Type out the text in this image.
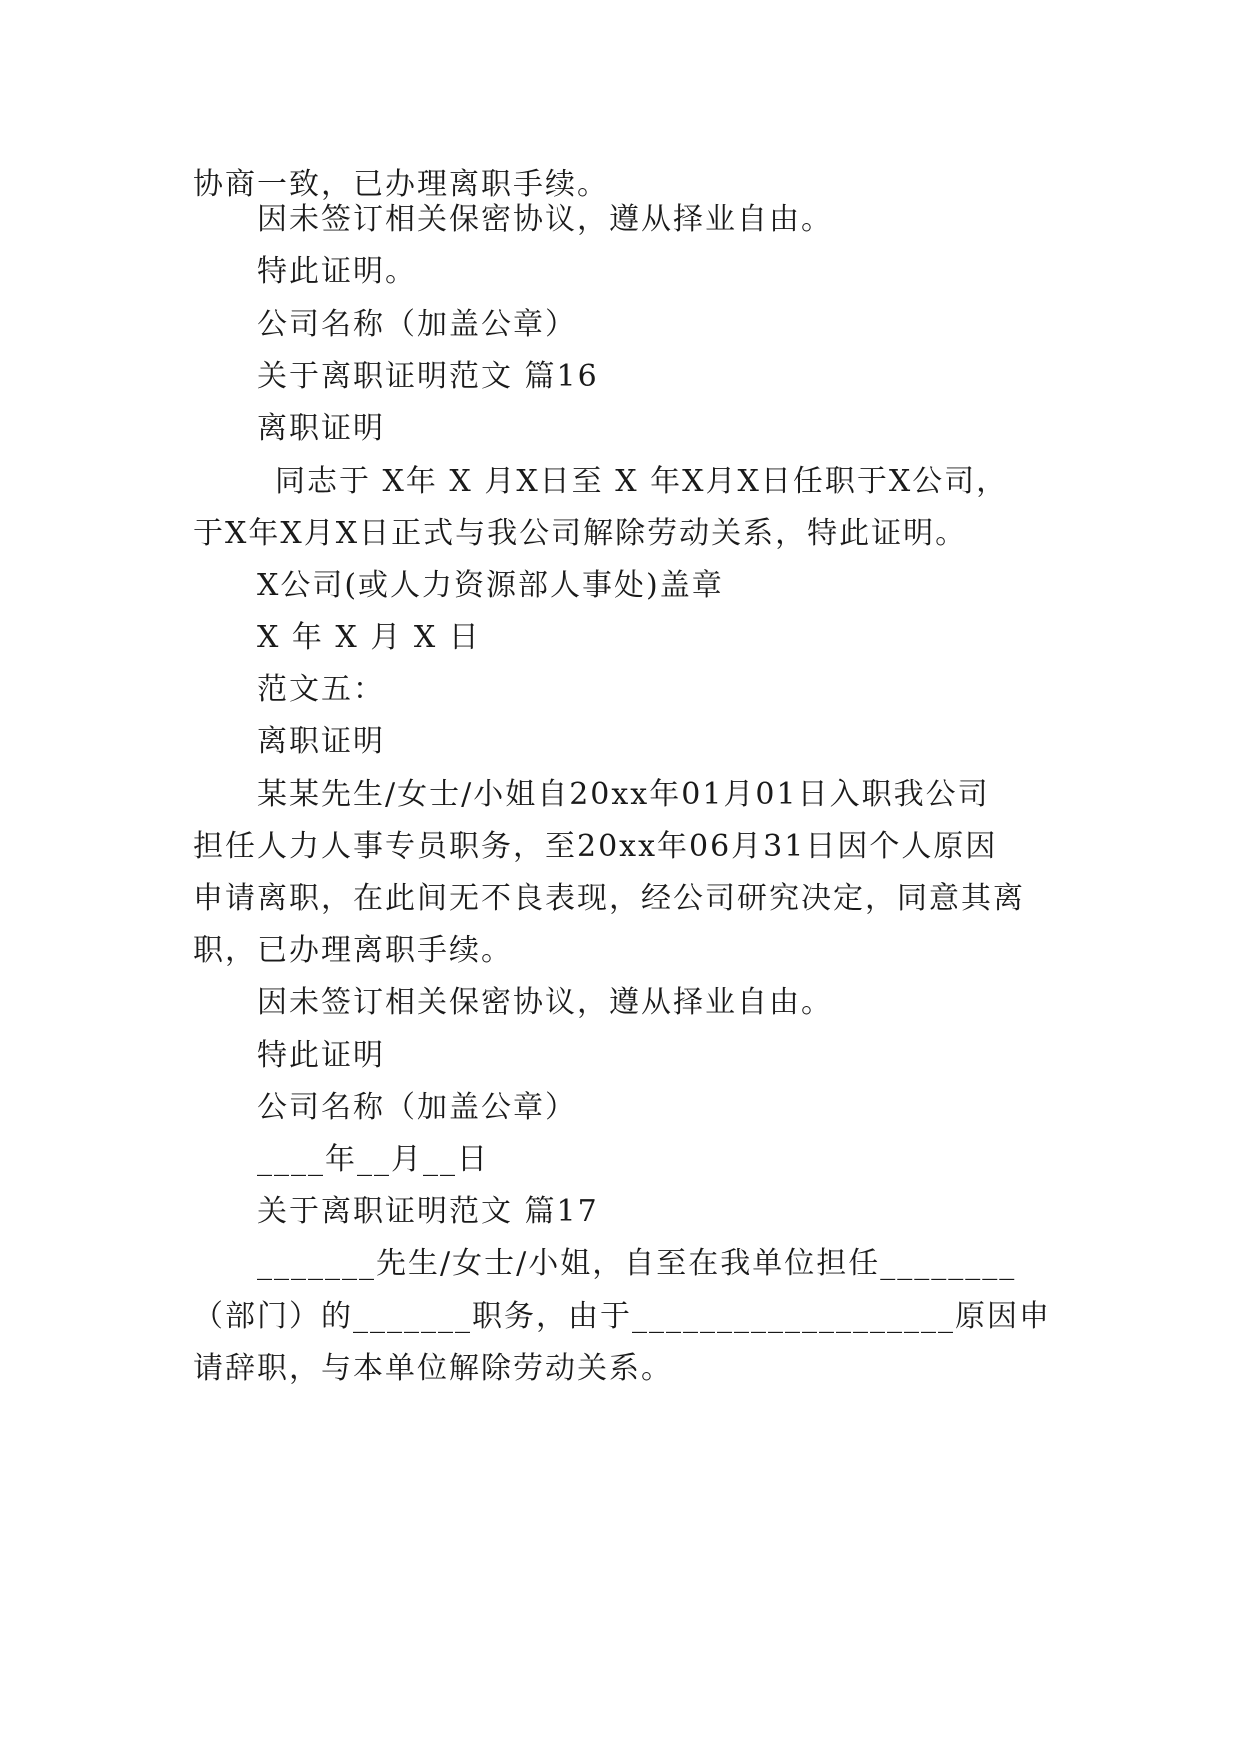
协商一致，已办理离职手续。
因未签订相关保密协议，遵从择业自由。
特此证明。
公司名称（加盖公章）
关于离职证明范文 篇16
离职证明
同志于 X年 X 月X日至 X 年X月X日任职于X公司，
于X年X月X日正式与我公司解除劳动关系，特此证明。
X公司(或人力资源部人事处)盖章
X 年 X 月 X 日
范文五：
离职证明
某某先生/女士/小姐自20xx年01月01日入职我公司
担任人力人事专员职务，至20xx年06月31日因个人原因
申请离职，在此间无不良表现，经公司研究决定，同意其离
职，已办理离职手续。
因未签订相关保密协议，遵从择业自由。
特此证明
公司名称（加盖公章）
____年__月__日
关于离职证明范文 篇17
_______先生/女士/小姐，自至在我单位担任________
（部门）的_______职务，由于___________________原因申
请辞职，与本单位解除劳动关系。
